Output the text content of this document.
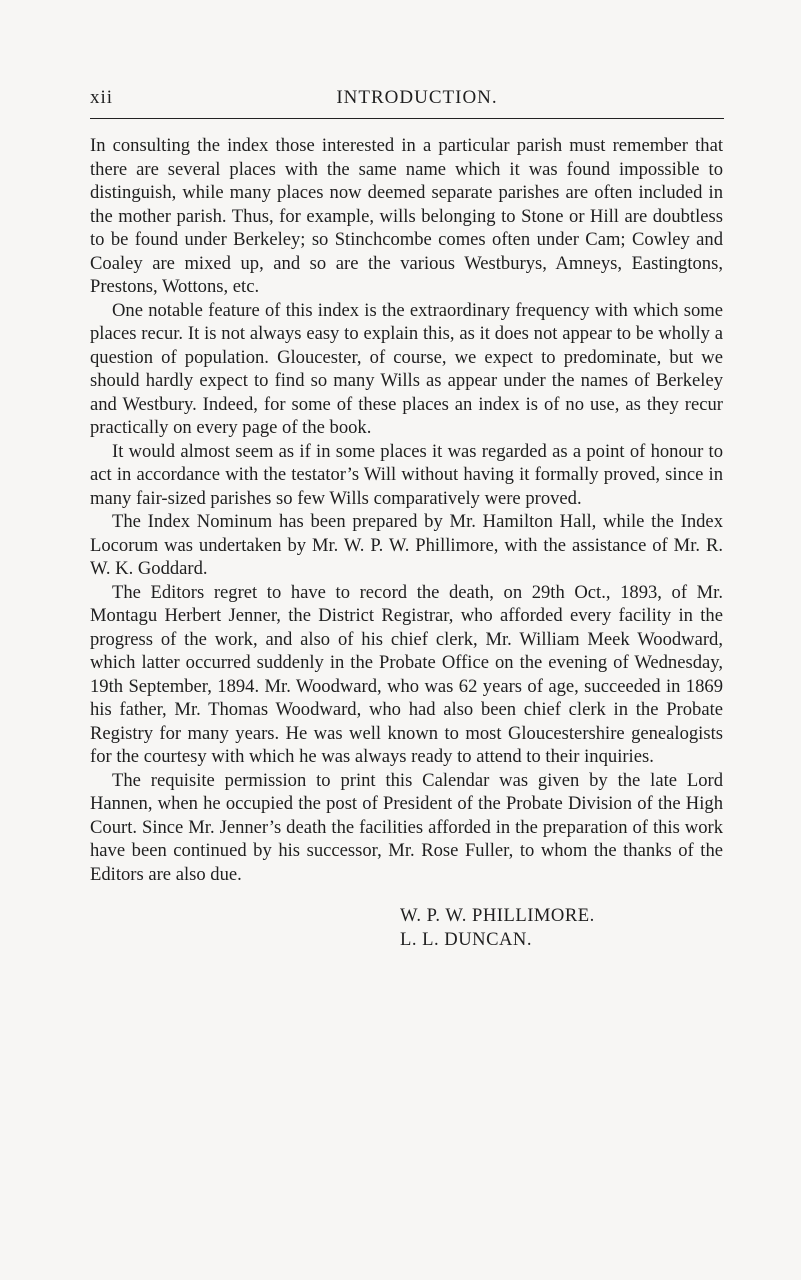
xii	INTRODUCTION.

In consulting the index those interested in a particular parish must remember that there are several places with the same name which it was found impossible to distinguish, while many places now deemed separate parishes are often included in the mother parish. Thus, for example, wills belonging to Stone or Hill are doubtless to be found under Berkeley; so Stinchcombe comes often under Cam; Cowley and Coaley are mixed up, and so are the various Westburys, Amneys, Eastingtons, Prestons, Wottons, etc.

One notable feature of this index is the extraordinary frequency with which some places recur. It is not always easy to explain this, as it does not appear to be wholly a question of population. Gloucester, of course, we expect to predominate, but we should hardly expect to find so many Wills as appear under the names of Berkeley and Westbury. Indeed, for some of these places an index is of no use, as they recur practically on every page of the book.

It would almost seem as if in some places it was regarded as a point of honour to act in accordance with the testator’s Will without having it formally proved, since in many fair-sized parishes so few Wills comparatively were proved.

The Index Nominum has been prepared by Mr. Hamilton Hall, while the Index Locorum was undertaken by Mr. W. P. W. Phillimore, with the assistance of Mr. R. W. K. Goddard.

The Editors regret to have to record the death, on 29th Oct., 1893, of Mr. Montagu Herbert Jenner, the District Registrar, who afforded every facility in the progress of the work, and also of his chief clerk, Mr. William Meek Woodward, which latter occurred suddenly in the Probate Office on the evening of Wednesday, 19th September, 1894. Mr. Woodward, who was 62 years of age, succeeded in 1869 his father, Mr. Thomas Woodward, who had also been chief clerk in the Probate Registry for many years. He was well known to most Gloucestershire genealogists for the courtesy with which he was always ready to attend to their inquiries.

The requisite permission to print this Calendar was given by the late Lord Hannen, when he occupied the post of President of the Probate Division of the High Court. Since Mr. Jenner’s death the facilities afforded in the preparation of this work have been continued by his successor, Mr. Rose Fuller, to whom the thanks of the Editors are also due.

W. P. W. PHILLIMORE.
L. L. DUNCAN.
